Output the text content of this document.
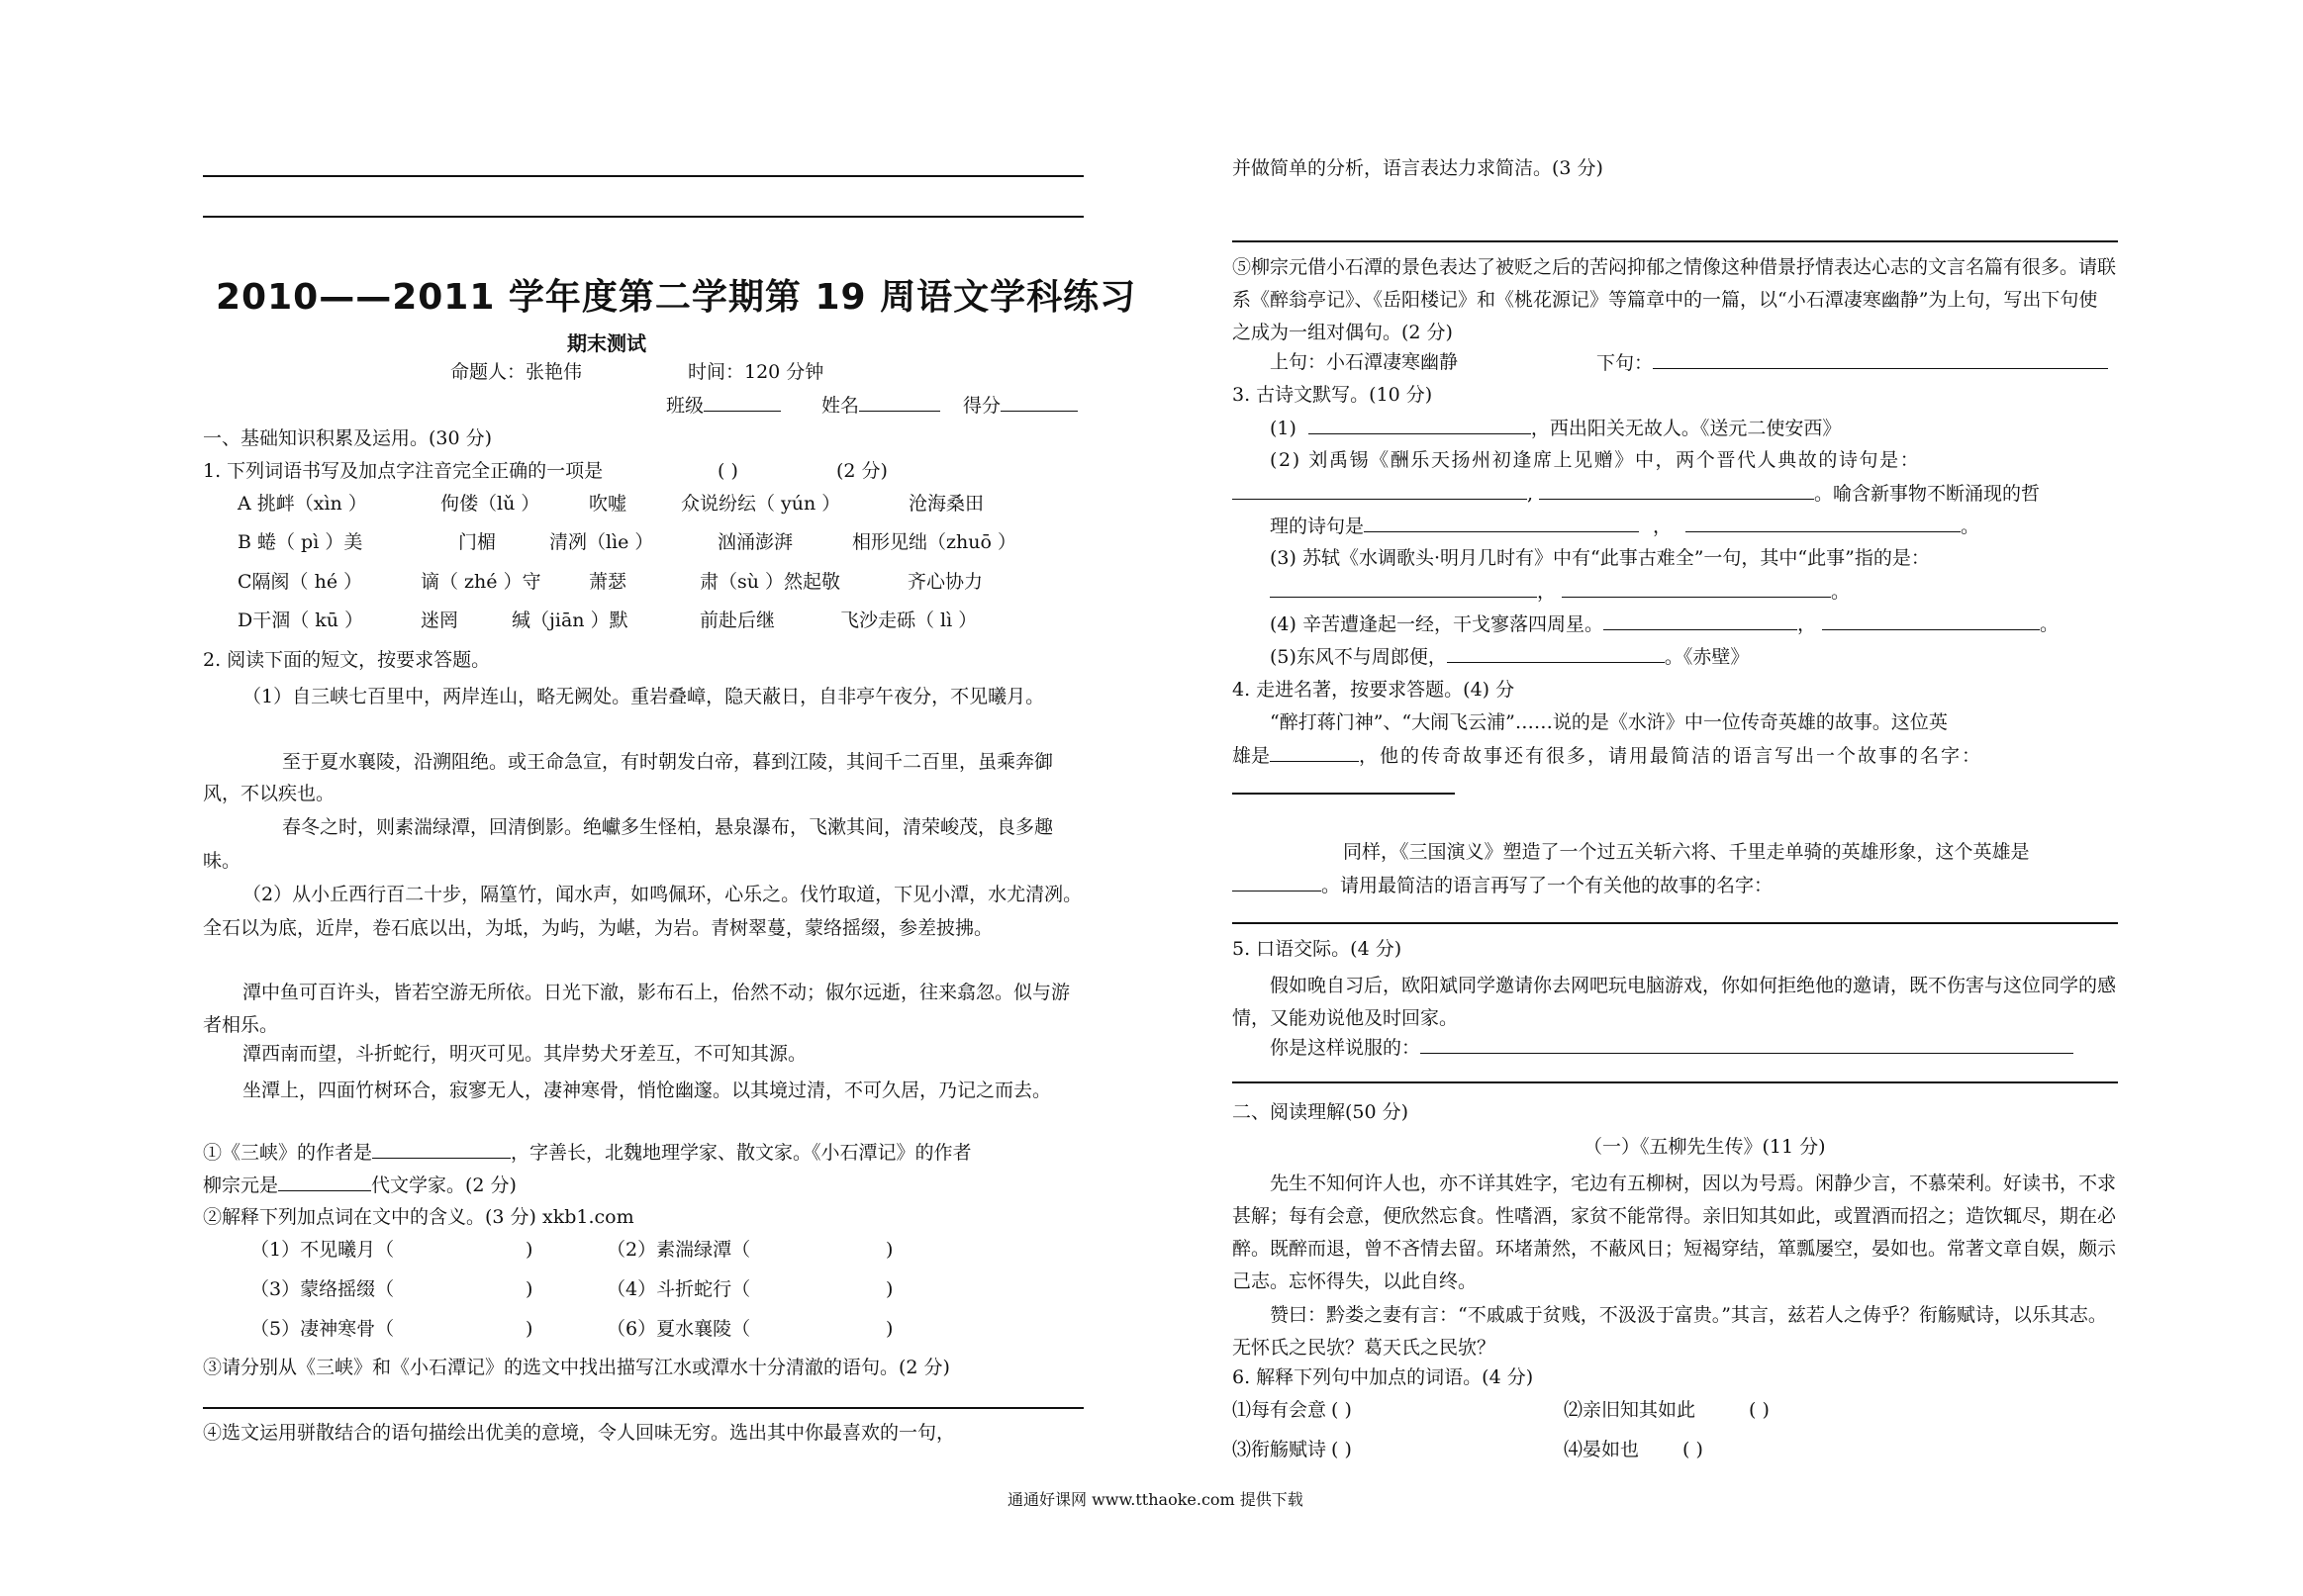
2010——2011 学年度第二学期第 19 周语文学科练习
期末测试
命题人：张艳伟	时间：120 分钟
班级	姓名	得分
一、基础知识积累及运用。(30 分)
1. 下列词语书写及加点字注音完全正确的一项是	( )	(2 分)
A 挑衅（xìn ）	佝偻（lǔ ）	吹嘘	众说纷纭（ yún ）	沧海桑田
B 蜷（ pì ）美	门楣	清冽（lìe ）	汹涌澎湃	相形见绌（zhuō ）
C隔阂（ hé ）	谪（ zhé ）守	萧瑟	肃（sù ）然起敬	齐心协力
D干涸（ kū ）	迷罔	缄（jiān ）默	前赴后继	飞沙走砾（ lì ）
2. 阅读下面的短文，按要求答题。
（1）自三峡七百里中，两岸连山，略无阙处。重岩叠嶂，隐天蔽日，自非亭午夜分，不见曦月。
至于夏水襄陵，沿溯阻绝。或王命急宣，有时朝发白帝，暮到江陵，其间千二百里，虽乘奔御风，不以疾也。
春冬之时，则素湍绿潭，回清倒影。绝巘多生怪柏，悬泉瀑布，飞漱其间，清荣峻茂，良多趣味。
（2）从小丘西行百二十步，隔篁竹，闻水声，如鸣佩环，心乐之。伐竹取道，下见小潭，水尤清冽。全石以为底，近岸，卷石底以出，为坻，为屿，为嵁，为岩。青树翠蔓，蒙络摇缀，参差披拂。
潭中鱼可百许头，皆若空游无所依。日光下澈，影布石上，佁然不动；俶尔远逝，往来翕忽。似与游者相乐。
潭西南而望，斗折蛇行，明灭可见。其岸势犬牙差互，不可知其源。
坐潭上，四面竹树环合，寂寥无人，凄神寒骨，悄怆幽邃。以其境过清，不可久居，乃记之而去。
①《三峡》的作者是	，字善长，北魏地理学家、散文家。《小石潭记》的作者
柳宗元是	代文学家。(2 分)
②解释下列加点词在文中的含义。(3 分) xkb1.com
（1）不见曦月（	)	（2）素湍绿潭（	)
（3）蒙络摇缀（	)	（4）斗折蛇行（	)
（5）凄神寒骨（	)	（6）夏水襄陵（	)
③请分别从《三峡》和《小石潭记》的选文中找出描写江水或潭水十分清澈的语句。(2 分)
④选文运用骈散结合的语句描绘出优美的意境，令人回味无穷。选出其中你最喜欢的一句，
并做简单的分析，语言表达力求简洁。(3 分)
⑤柳宗元借小石潭的景色表达了被贬之后的苦闷抑郁之情像这种借景抒情表达心志的文言名篇有很多。请联系《醉翁亭记》、《岳阳楼记》和《桃花源记》等篇章中的一篇，以“小石潭凄寒幽静”为上句，写出下句使之成为一组对偶句。(2 分)
上句：小石潭凄寒幽静	下句：
3. 古诗文默写。(10 分)
(1)	，西出阳关无故人。《送元二使安西》
(2) 刘禹锡《酬乐天扬州初逢席上见赠》中，两个晋代人典故的诗句是：
,	。喻含新事物不断涌现的哲
理的诗句是	，	。
(3) 苏轼《水调歌头·明月几时有》中有“此事古难全”一句，其中“此事”指的是：
，	。
(4) 辛苦遭逢起一经，干戈寥落四周星。	，	。
(5)东风不与周郎便，	。《赤壁》
4. 走进名著，按要求答题。(4) 分
“醉打蒋门神”、“大闹飞云浦”……说的是《水浒》中一位传奇英雄的故事。这位英
雄是	，他的传奇故事还有很多，请用最简洁的语言写出一个故事的名字：
同样，《三国演义》塑造了一个过五关斩六将、千里走单骑的英雄形象，这个英雄是
。请用最简洁的语言再写了一个有关他的故事的名字：
5. 口语交际。(4 分)
假如晚自习后，欧阳斌同学邀请你去网吧玩电脑游戏，你如何拒绝他的邀请，既不伤害与这位同学的感情，又能劝说他及时回家。
你是这样说服的：
二、阅读理解(50 分)
（一）《五柳先生传》(11 分)
先生不知何许人也，亦不详其姓字，宅边有五柳树，因以为号焉。闲静少言，不慕荣利。好读书，不求甚解；每有会意，便欣然忘食。性嗜酒，家贫不能常得。亲旧知其如此，或置酒而招之；造饮辄尽，期在必醉。既醉而退，曾不吝情去留。环堵萧然，不蔽风日；短褐穿结，箪瓢屡空，晏如也。常著文章自娱，颇示己志。忘怀得失，以此自终。
赞曰：黔娄之妻有言：“不戚戚于贫贱，不汲汲于富贵。”其言，兹若人之俦乎？衔觞赋诗，以乐其志。无怀氏之民欤？葛天氏之民欤？
6. 解释下列句中加点的词语。(4 分)
⑴每有会意 ( )	⑵亲旧知其如此	( )
⑶衔觞赋诗 ( )	⑷晏如也 ( )
通通好课网 www.tthaoke.com 提供下载
